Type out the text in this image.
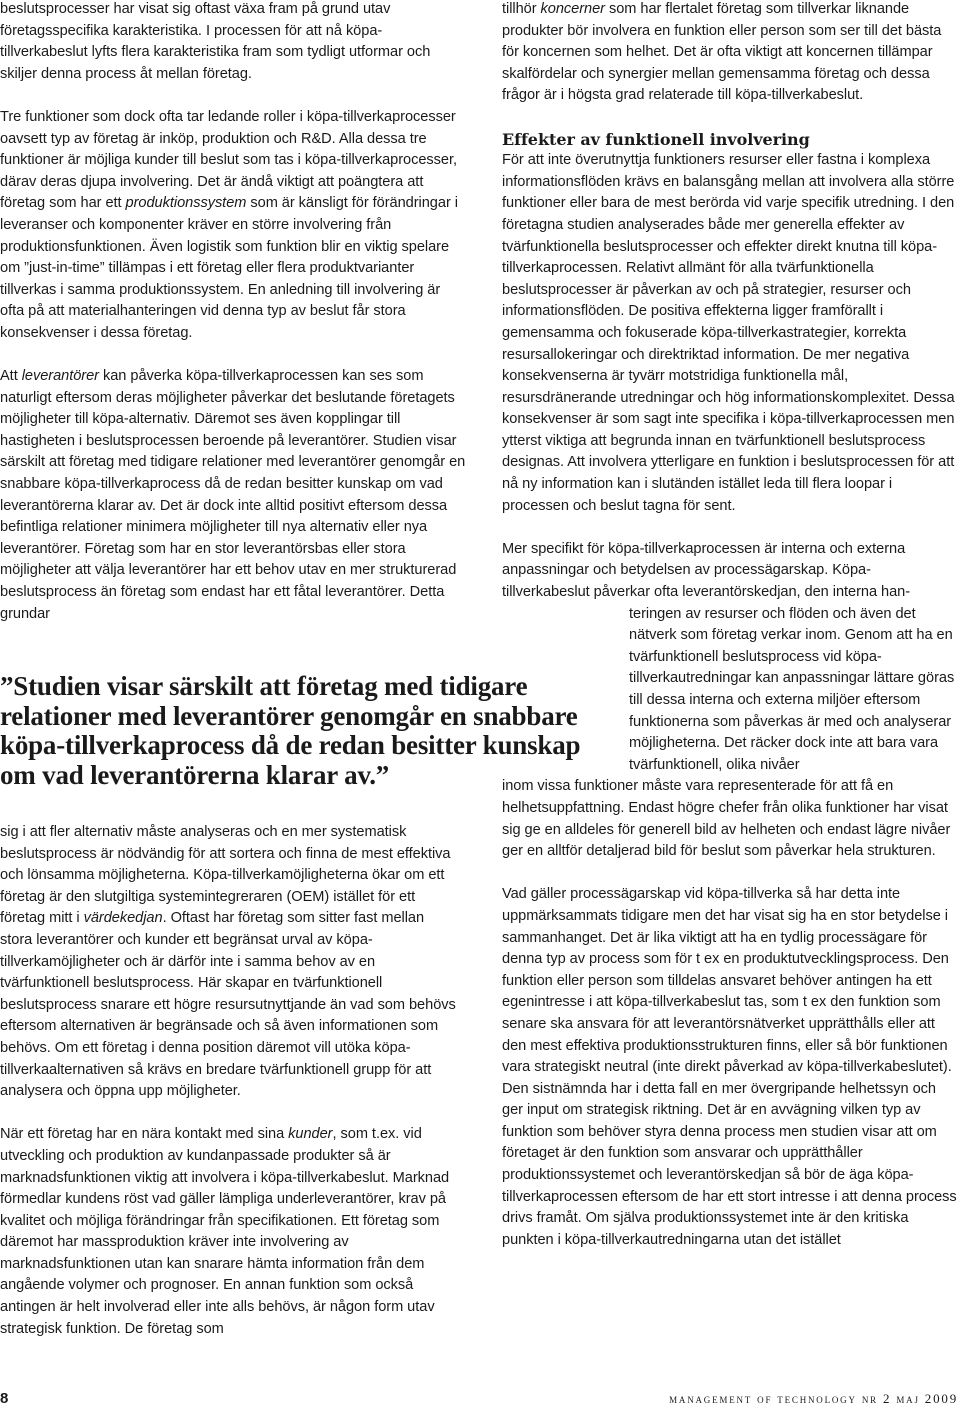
beslutsprocesser har visat sig oftast växa fram på grund utav företagsspecifika karakteristika. I processen för att nå köpa-tillverkabeslut lyfts flera karakteristika fram som tydligt utformar och skiljer denna process åt mellan företag.

Tre funktioner som dock ofta tar ledande roller i köpa-tillverkaprocesser oavsett typ av företag är inköp, produktion och R&D. Alla dessa tre funktioner är möjliga kunder till beslut som tas i köpa-tillverkaprocesser, därav deras djupa involvering. Det är ändå viktigt att poängtera att företag som har ett produktionssystem som är känsligt för förändringar i leveranser och komponenter kräver en större involvering från produktionsfunktionen. Även logistik som funktion blir en viktig spelare om ”just-in-time” tillämpas i ett företag eller flera produktvarianter tillverkas i samma produktionssystem. En anledning till involvering är ofta på att materialhanteringen vid denna typ av beslut får stora konsekvenser i dessa företag.

Att leverantörer kan påverka köpa-tillverkaprocessen kan ses som naturligt eftersom deras möjligheter påverkar det beslutande företagets möjligheter till köpa-alternativ. Däremot ses även kopplingar till hastigheten i beslutsprocessen beroende på leverantörer. Studien visar särskilt att företag med tidigare relationer med leverantörer genomgår en snabbare köpa-tillverkaprocess då de redan besitter kunskap om vad leverantörerna klarar av. Det är dock inte alltid positivt eftersom dessa befintliga relationer minimera möjligheter till nya alternativ eller nya leverantörer. Företag som har en stor leverantörsbas eller stora möjligheter att välja leverantörer har ett behov utav en mer strukturerad beslutsprocess än företag som endast har ett fåtal leverantörer. Detta grundar

”Studien visar särskilt att företag med tidigare relationer med leverantörer genomgår en snabbare köpa-tillverkaprocess då de redan besitter kunskap om vad leverantörerna klarar av.”

sig i att fler alternativ måste analyseras och en mer systematisk beslutsprocess är nödvändig för att sortera och finna de mest effektiva och lönsamma möjligheterna. Köpa-tillverkamöjligheterna ökar om ett företag är den slutgiltiga systemintegreraren (OEM) istället för ett företag mitt i värdekedjan. Oftast har företag som sitter fast mellan stora leverantörer och kunder ett begränsat urval av köpa-tillverkamöjligheter och är därför inte i samma behov av en tvärfunktionell beslutsprocess. Här skapar en tvärfunktionell beslutsprocess snarare ett högre resursutnyttjande än vad som behövs eftersom alternativen är begränsade och så även informationen som behövs. Om ett företag i denna position däremot vill utöka köpa-tillverkaalternativen så krävs en bredare tvärfunktionell grupp för att analysera och öppna upp möjligheter.

När ett företag har en nära kontakt med sina kunder, som t.ex. vid utveckling och produktion av kundanpassade produkter så är marknadsfunktionen viktig att involvera i köpa-tillverkabeslut. Marknad förmedlar kundens röst vad gäller lämpliga underleverantörer, krav på kvalitet och möjliga förändringar från specifikationen. Ett företag som däremot har massproduktion kräver inte involvering av marknadsfunktionen utan kan snarare hämta information från dem angående volymer och prognoser. En annan funktion som också antingen är helt involverad eller inte alls behövs, är någon form utav strategisk funktion. De företag som

tillhör koncerner som har flertalet företag som tillverkar liknande produkter bör involvera en funktion eller person som ser till det bästa för koncernen som helhet. Det är ofta viktigt att koncernen tillämpar skalfördelar och synergier mellan gemensamma företag och dessa frågor är i högsta grad relaterade till köpa-tillverkabeslut.

Effekter av funktionell involvering

För att inte överutnyttja funktioners resurser eller fastna i komplexa informationsflöden krävs en balansgång mellan att involvera alla större funktioner eller bara de mest berörda vid varje specifik utredning. I den företagna studien analyserades både mer generella effekter av tvärfunktionella beslutsprocesser och effekter direkt knutna till köpa-tillverkaprocessen. Relativt allmänt för alla tvärfunktionella beslutsprocesser är påverkan av och på strategier, resurser och informationsflöden. De positiva effekterna ligger framförallt i gemensamma och fokuserade köpa-tillverkastrategier, korrekta resursallokeringar och direktriktad information. De mer negativa konsekvenserna är tyvärr motstridiga funktionella mål, resursdränerande utredningar och hög informationskomplexitet. Dessa konsekvenser är som sagt inte specifika i köpa-tillverkaprocessen men ytterst viktiga att begrunda innan en tvärfunktionell beslutsprocess designas. Att involvera ytterligare en funktion i beslutsprocessen för att nå ny information kan i slutänden istället leda till flera loopar i processen och beslut tagna för sent.

Mer specifikt för köpa-tillverkaprocessen är interna och externa anpassningar och betydelsen av processägarskap. Köpa-tillverkabeslut påverkar ofta leverantörskedjan, den interna han-

teringen av resurser och flöden och även det nätverk som företag verkar inom. Genom att ha en tvärfunktionell beslutsprocess vid köpa-tillverkautredningar kan anpassningar lättare göras till dessa interna och externa miljöer eftersom funktionerna som påverkas är med och analyserar möjligheterna. Det räcker dock inte att bara vara tvärfunktionell, olika nivåer

inom vissa funktioner måste vara representerade för att få en helhetsuppfattning. Endast högre chefer från olika funktioner har visat sig ge en alldeles för generell bild av helheten och endast lägre nivåer ger en alltför detaljerad bild för beslut som påverkar hela strukturen.

Vad gäller processägarskap vid köpa-tillverka så har detta inte uppmärksammats tidigare men det har visat sig ha en stor betydelse i sammanhanget. Det är lika viktigt att ha en tydlig processägare för denna typ av process som för t ex en produktutvecklingsprocess. Den funktion eller person som tilldelas ansvaret behöver antingen ha ett egenintresse i att köpa-tillverkabeslut tas, som t ex den funktion som senare ska ansvara för att leverantörsnätverket upprätthålls eller att den mest effektiva produktionsstrukturen finns, eller så bör funktionen vara strategiskt neutral (inte direkt påverkad av köpa-tillverkabeslutet). Den sistnämnda har i detta fall en mer övergripande helhetssyn och ger input om strategisk riktning. Det är en avvägning vilken typ av funktion som behöver styra denna process men studien visar att om företaget är den funktion som ansvarar och upprätthåller produktionssystemet och leverantörskedjan så bör de äga köpa-tillverkaprocessen eftersom de har ett stort intresse i att denna process drivs framåt. Om själva produktionssystemet inte är den kritiska punkten i köpa-tillverkautredningarna utan det istället

8	management of technology nr 2 maj 2009
